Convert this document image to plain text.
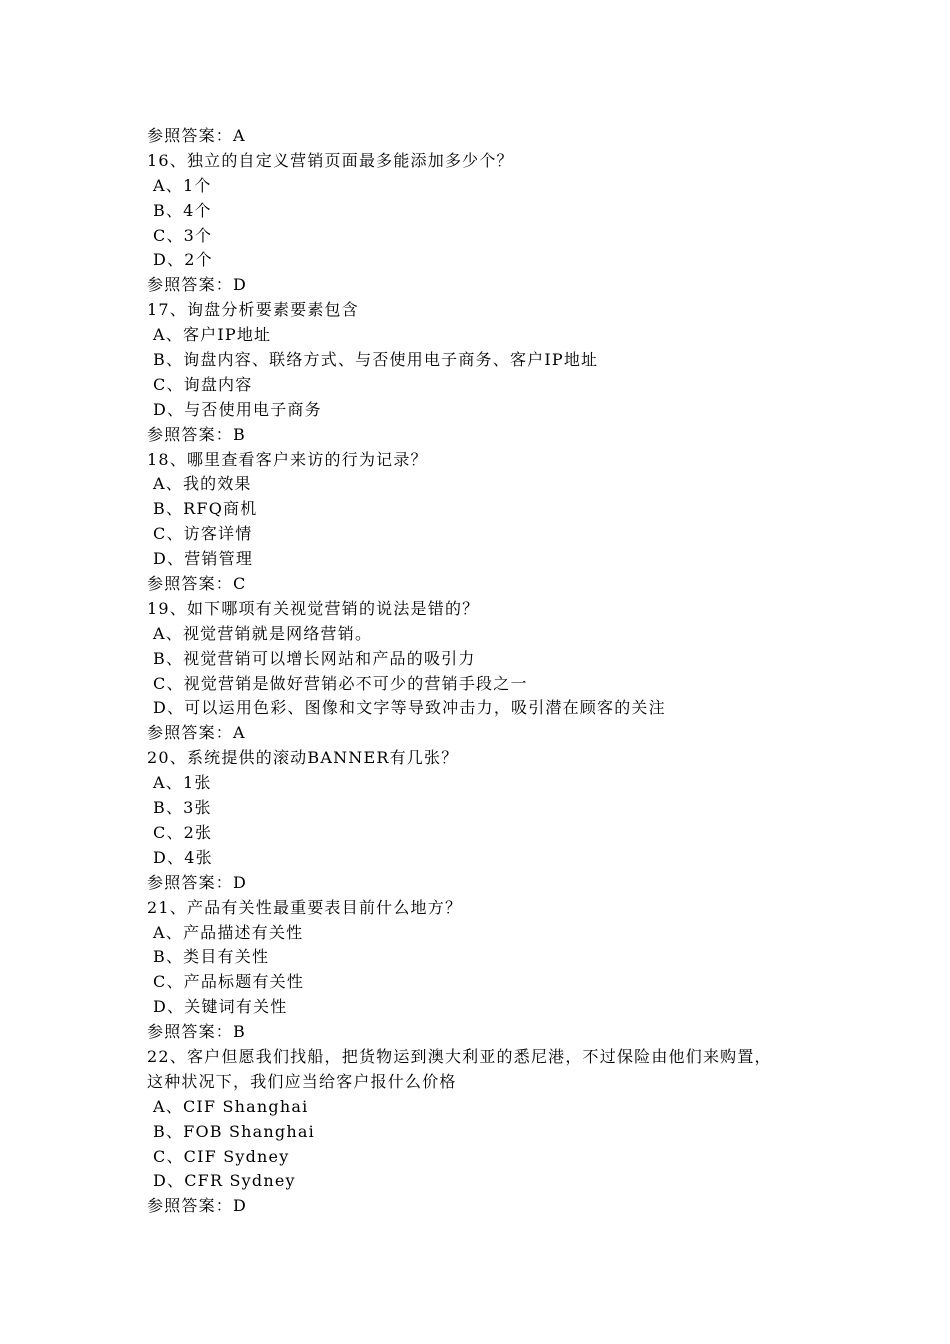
参照答案：A
16、独立的自定义营销页面最多能添加多少个？
A、1个
B、4个
C、3个
D、2个
参照答案：D
17、询盘分析要素要素包含
A、客户IP地址
B、询盘内容、联络方式、与否使用电子商务、客户IP地址
C、询盘内容
D、与否使用电子商务
参照答案：B
18、哪里查看客户来访的行为记录？
A、我的效果
B、RFQ商机
C、访客详情
D、营销管理
参照答案：C
19、如下哪项有关视觉营销的说法是错的？
A、视觉营销就是网络营销。
B、视觉营销可以增长网站和产品的吸引力
C、视觉营销是做好营销必不可少的营销手段之一
D、可以运用色彩、图像和文字等导致冲击力，吸引潜在顾客的关注
参照答案：A
20、系统提供的滚动BANNER有几张？
A、1张
B、3张
C、2张
D、4张
参照答案：D
21、产品有关性最重要表目前什么地方？
A、产品描述有关性
B、类目有关性
C、产品标题有关性
D、关键词有关性
参照答案：B
22、客户但愿我们找船，把货物运到澳大利亚的悉尼港，不过保险由他们来购置，
这种状况下，我们应当给客户报什么价格
A、CIF Shanghai
B、FOB Shanghai
C、CIF Sydney
D、CFR Sydney
参照答案：D
